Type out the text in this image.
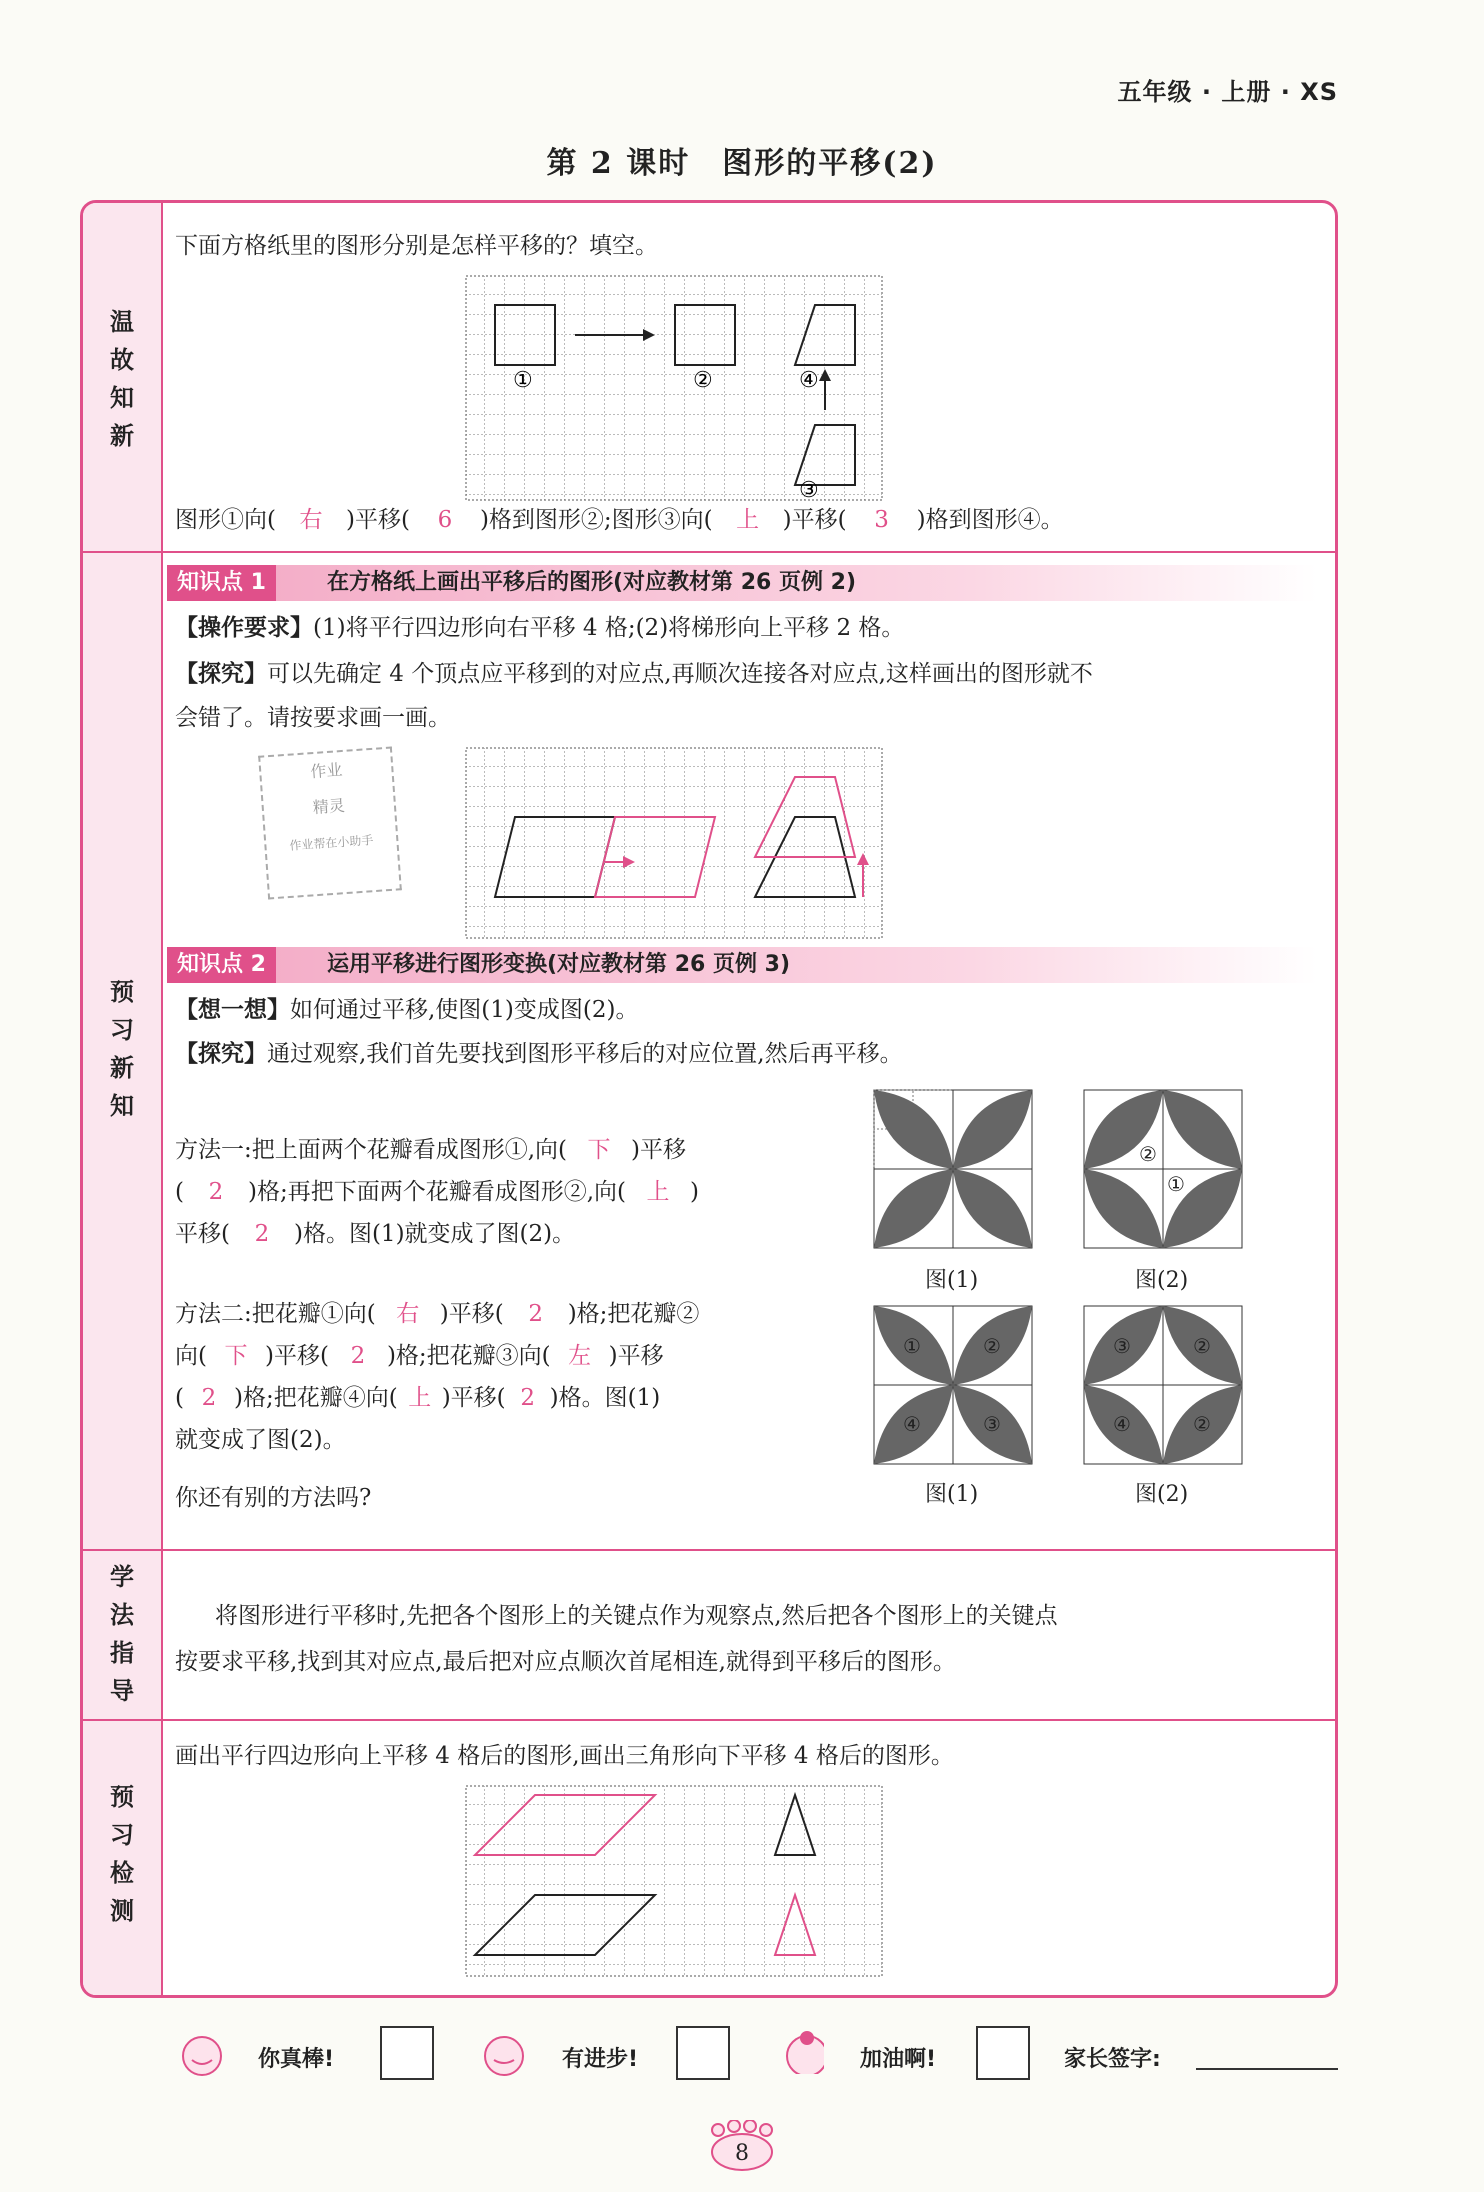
五年级 · 上册 · XS
第 2 课时　图形的平移(2)
温故知新
预习新知
学法指导
预习检测
下面方格纸里的图形分别是怎样平移的？填空。
①	②	④
③
图形①向( 右 )平移( 6 )格到图形②;图形③向( 上 )平移( 3 )格到图形④。
知识点 1	在方格纸上画出平移后的图形(对应教材第 26 页例 2)
【操作要求】(1)将平行四边形向右平移 4 格;(2)将梯形向上平移 2 格。
【探究】可以先确定 4 个顶点应平移到的对应点,再顺次连接各对应点,这样画出的图形就不
会错了。请按要求画一画。
作业
精灵
作业帮在小助手
知识点 2	运用平移进行图形变换(对应教材第 26 页例 3)
【想一想】如何通过平移,使图(1)变成图(2)。
【探究】通过观察,我们首先要找到图形平移后的对应位置,然后再平移。
方法一:把上面两个花瓣看成图形①,向( 下 )平移
( 2 )格;再把下面两个花瓣看成图形②,向( 上 )
平移( 2 )格。图(1)就变成了图(2)。
方法二:把花瓣①向( 右 )平移( 2 )格;把花瓣②
向( 下 )平移( 2 )格;把花瓣③向( 左 )平移
( 2 )格;把花瓣④向( 上 )平移( 2 )格。图(1)
就变成了图(2)。
你还有别的方法吗?
①
②
②
①
图(1)	图(2)
①	②
④	③
③	②
④	②
图(1)	图(2)
将图形进行平移时,先把各个图形上的关键点作为观察点,然后把各个图形上的关键点
按要求平移,找到其对应点,最后把对应点顺次首尾相连,就得到平移后的图形。
画出平行四边形向上平移 4 格后的图形,画出三角形向下平移 4 格后的图形。
你真棒!	有进步!	加油啊!	家长签字:
8
